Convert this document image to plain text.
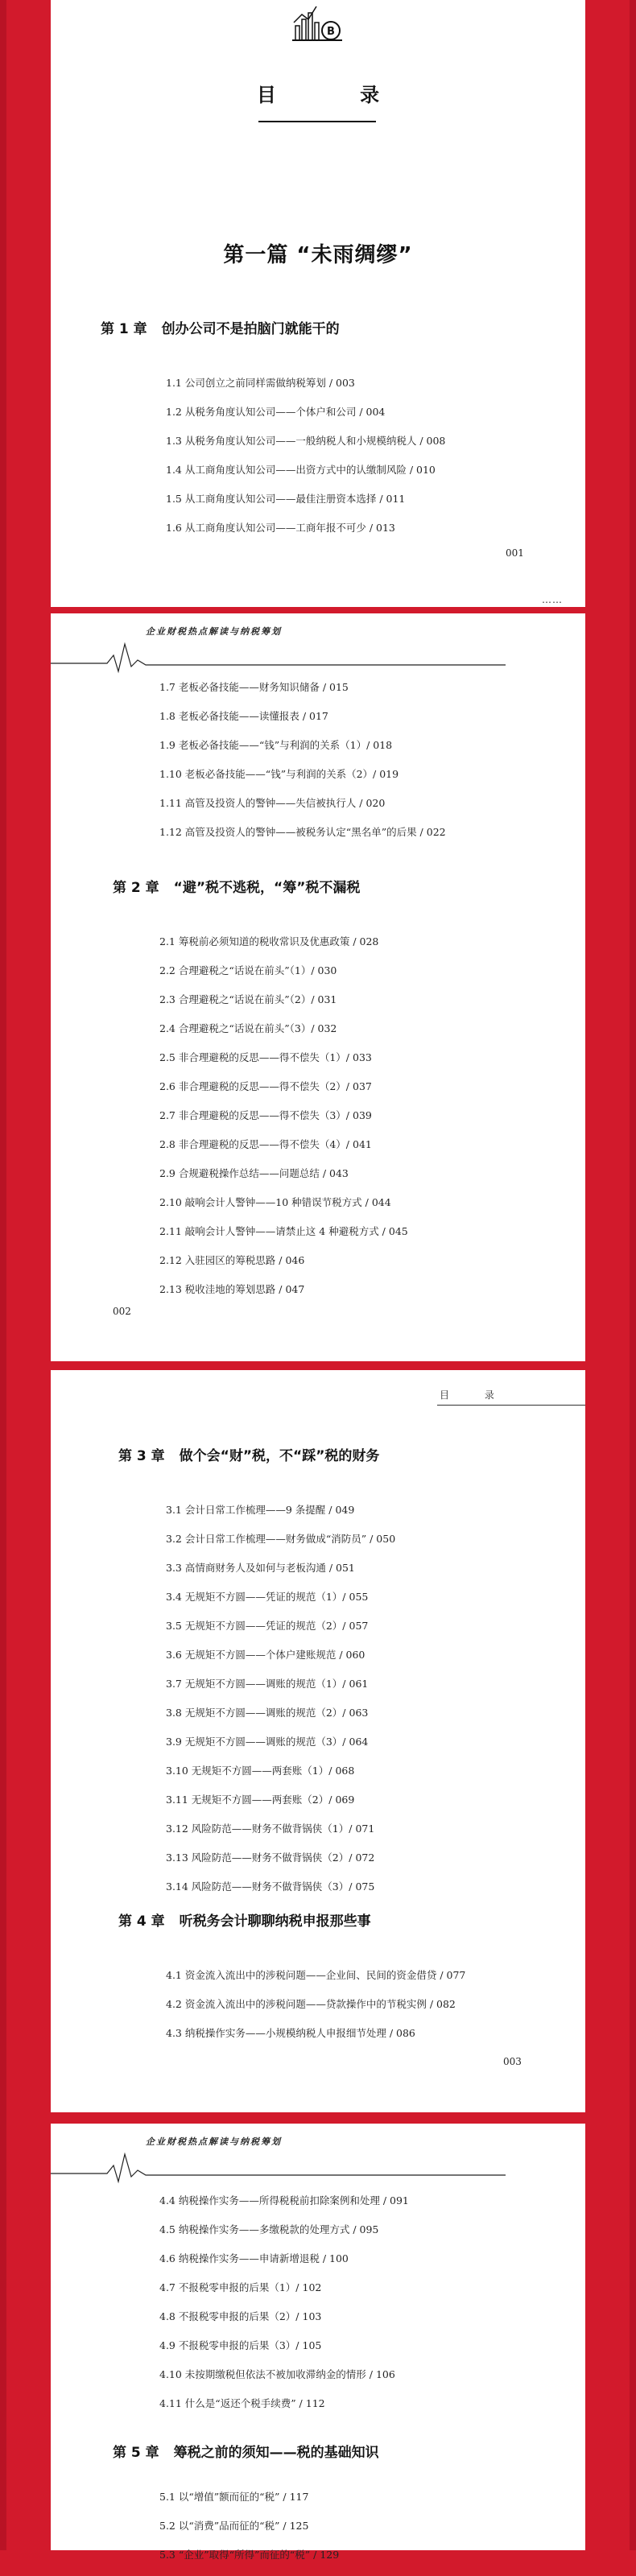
B
目 录
第一篇 “未雨绸缪”
第 1 章 创办公司不是拍脑门就能干的
1.1 公司创立之前同样需做纳税筹划 / 003
1.2 从税务角度认知公司——个体户和公司 / 004
1.3 从税务角度认知公司——一般纳税人和小规模纳税人 / 008
1.4 从工商角度认知公司——出资方式中的认缴制风险 / 010
1.5 从工商角度认知公司——最佳注册资本选择 / 011
1.6 从工商角度认知公司——工商年报不可少 / 013
001
……
企业财税热点解读与纳税筹划
1.7 老板必备技能——财务知识储备 / 015
1.8 老板必备技能——读懂报表 / 017
1.9 老板必备技能——“钱”与利润的关系（1）/ 018
1.10 老板必备技能——“钱”与利润的关系（2）/ 019
1.11 高管及投资人的警钟——失信被执行人 / 020
1.12 高管及投资人的警钟——被税务认定“黑名单”的后果 / 022
第 2 章 “避”税不逃税，“筹”税不漏税
2.1 筹税前必须知道的税收常识及优惠政策 / 028
2.2 合理避税之“话说在前头”（1）/ 030
2.3 合理避税之“话说在前头”（2）/ 031
2.4 合理避税之“话说在前头”（3）/ 032
2.5 非合理避税的反思——得不偿失（1）/ 033
2.6 非合理避税的反思——得不偿失（2）/ 037
2.7 非合理避税的反思——得不偿失（3）/ 039
2.8 非合理避税的反思——得不偿失（4）/ 041
2.9 合规避税操作总结——问题总结 / 043
2.10 敲响会计人警钟——10 种错误节税方式 / 044
2.11 敲响会计人警钟——请禁止这 4 种避税方式 / 045
2.12 入驻园区的筹税思路 / 046
2.13 税收洼地的筹划思路 / 047
002
目 录
第 3 章 做个会“财”税，不“踩”税的财务
3.1 会计日常工作梳理——9 条提醒 / 049
3.2 会计日常工作梳理——财务做成“消防员” / 050
3.3 高情商财务人及如何与老板沟通 / 051
3.4 无规矩不方圆——凭证的规范（1）/ 055
3.5 无规矩不方圆——凭证的规范（2）/ 057
3.6 无规矩不方圆——个体户建账规范 / 060
3.7 无规矩不方圆——调账的规范（1）/ 061
3.8 无规矩不方圆——调账的规范（2）/ 063
3.9 无规矩不方圆——调账的规范（3）/ 064
3.10 无规矩不方圆——两套账（1）/ 068
3.11 无规矩不方圆——两套账（2）/ 069
3.12 风险防范——财务不做背锅侠（1）/ 071
3.13 风险防范——财务不做背锅侠（2）/ 072
3.14 风险防范——财务不做背锅侠（3）/ 075
第 4 章 听税务会计聊聊纳税申报那些事
4.1 资金流入流出中的涉税问题——企业间、民间的资金借贷 / 077
4.2 资金流入流出中的涉税问题——贷款操作中的节税实例 / 082
4.3 纳税操作实务——小规模纳税人申报细节处理 / 086
003
企业财税热点解读与纳税筹划
4.4 纳税操作实务——所得税税前扣除案例和处理 / 091
4.5 纳税操作实务——多缴税款的处理方式 / 095
4.6 纳税操作实务——申请新增退税 / 100
4.7 不报税零申报的后果（1）/ 102
4.8 不报税零申报的后果（2）/ 103
4.9 不报税零申报的后果（3）/ 105
4.10 未按期缴税但依法不被加收滞纳金的情形 / 106
4.11 什么是“返还个税手续费” / 112
第 5 章 筹税之前的须知——税的基础知识
5.1 以“增值”额而征的“税” / 117
5.2 以“消费”品而征的“税” / 125
5.3 “企业”取得“所得”而征的“税” / 129
